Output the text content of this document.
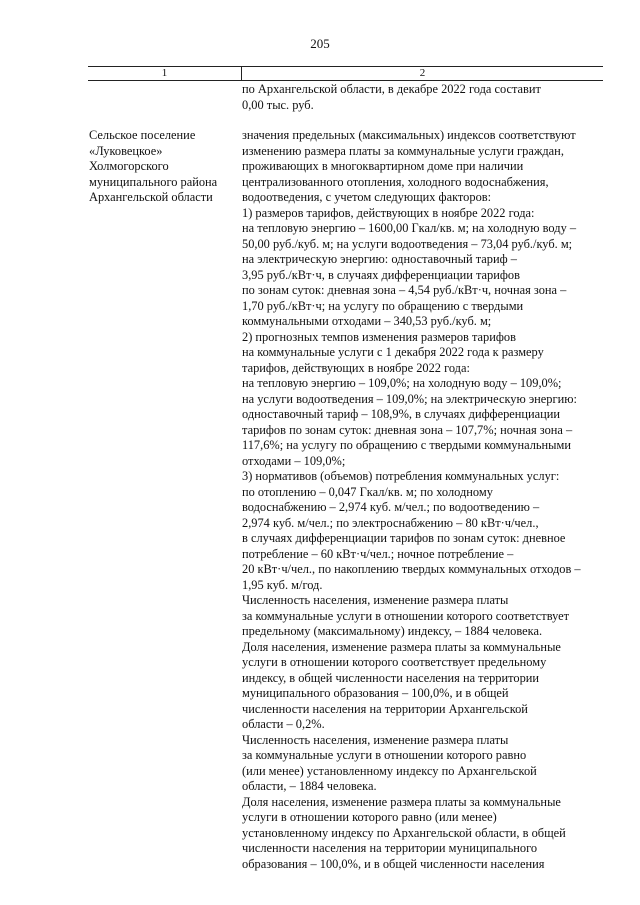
205
1	2
по Архангельской области, в декабре 2022 года составит
0,00 тыс. руб.
Сельское поселение
«Луковецкое»
Холмогорского
муниципального района
Архангельской области
значения предельных (максимальных) индексов соответствуют
изменению размера платы за коммунальные услуги граждан,
проживающих в многоквартирном доме при наличии
централизованного отопления, холодного водоснабжения,
водоотведения, с учетом следующих факторов:
1) размеров тарифов, действующих в ноябре 2022 года:
на тепловую энергию – 1600,00 Гкал/кв. м; на холодную воду –
50,00 руб./куб. м; на услуги водоотведения – 73,04 руб./куб. м;
на электрическую энергию: одноставочный тариф –
3,95 руб./кВт·ч, в случаях дифференциации тарифов
по зонам суток: дневная зона – 4,54 руб./кВт·ч, ночная зона –
1,70 руб./кВт·ч; на услугу по обращению с твердыми
коммунальными отходами – 340,53 руб./куб. м;
2) прогнозных темпов изменения размеров тарифов
на коммунальные услуги с 1 декабря 2022 года к размеру
тарифов, действующих в ноябре 2022 года:
на тепловую энергию – 109,0%; на холодную воду – 109,0%;
на услуги водоотведения – 109,0%; на электрическую энергию:
одноставочный тариф – 108,9%, в случаях дифференциации
тарифов по зонам суток: дневная зона – 107,7%; ночная зона –
117,6%; на услугу по обращению с твердыми коммунальными
отходами – 109,0%;
3) нормативов (объемов) потребления коммунальных услуг:
по отоплению – 0,047 Гкал/кв. м; по холодному
водоснабжению – 2,974 куб. м/чел.; по водоотведению –
2,974 куб. м/чел.; по электроснабжению – 80 кВт·ч/чел.,
в случаях дифференциации тарифов по зонам суток: дневное
потребление – 60 кВт·ч/чел.; ночное потребление –
20 кВт·ч/чел., по накоплению твердых коммунальных отходов –
1,95 куб. м/год.
Численность населения, изменение размера платы
за коммунальные услуги в отношении которого соответствует
предельному (максимальному) индексу, – 1884 человека.
Доля населения, изменение размера платы за коммунальные
услуги в отношении которого соответствует предельному
индексу, в общей численности населения на территории
муниципального образования – 100,0%, и в общей
численности населения на территории Архангельской
области – 0,2%.
Численность населения, изменение размера платы
за коммунальные услуги в отношении которого равно
(или менее) установленному индексу по Архангельской
области, – 1884 человека.
Доля населения, изменение размера платы за коммунальные
услуги в отношении которого равно (или менее)
установленному индексу по Архангельской области, в общей
численности населения на территории муниципального
образования – 100,0%, и в общей численности населения
